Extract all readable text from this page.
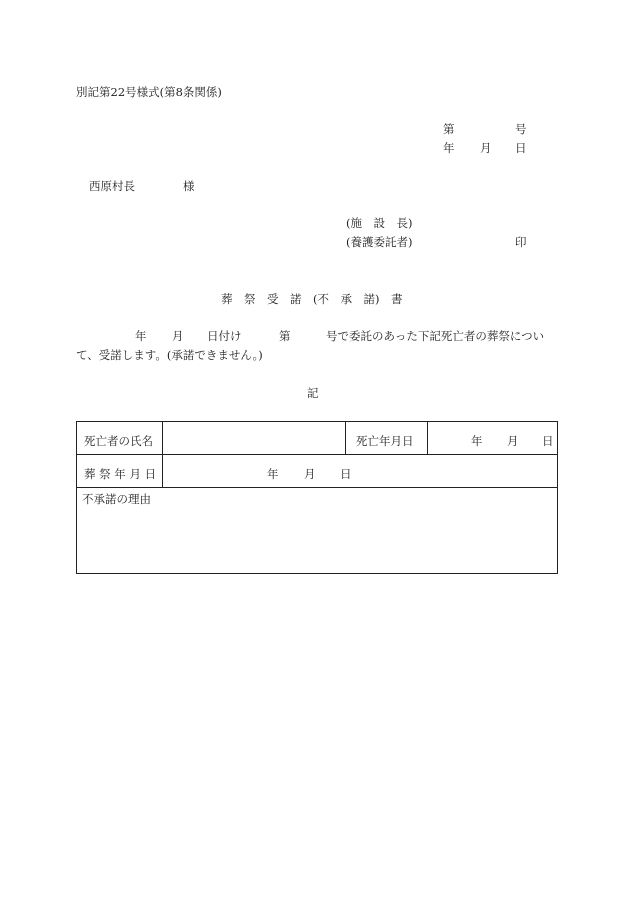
別記第22号様式(第8条関係)
第	号
年 月 日
西原村長	様
(施　設　長)
(養護委託者)	印
葬　祭　受　諾　(不　承　諾)　書
年 月 日付け	第	号で委託のあった下記死亡者の葬祭につい
て、受諾します。(承諾できません。)
記
死亡者の氏名		死亡年月日	年 月 日

葬 祭 年 月 日	年 月 日		

不承諾の理由			
